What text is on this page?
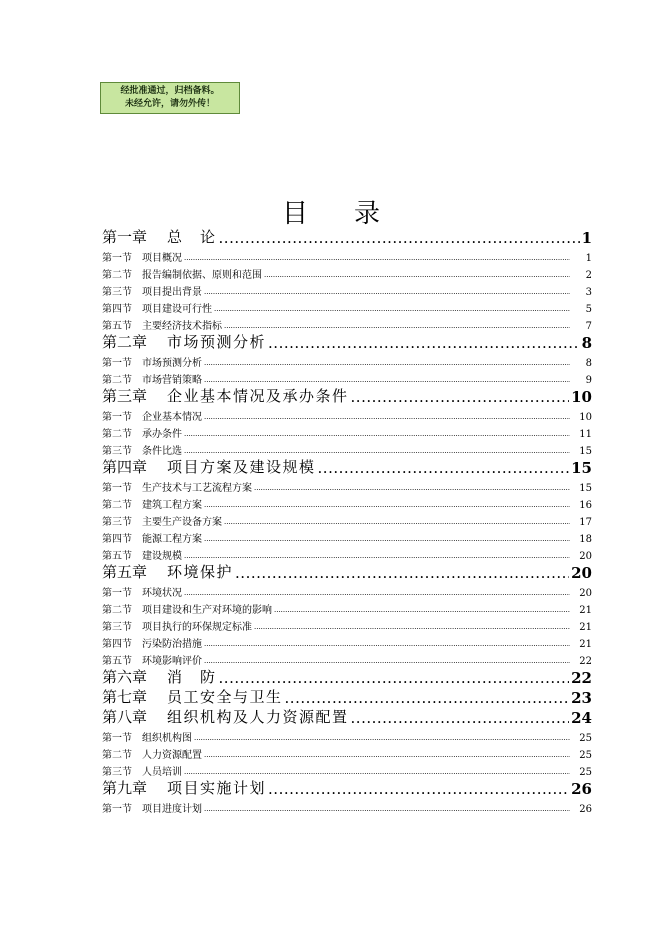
经批准通过，归档备料。
未经允许，请勿外传！
目录
第一章 总　论 .....	1
第一节 项目概况 .....	1
第二节 报告编制依据、原则和范围 .....	2
第三节 项目提出背景 .....	3
第四节 项目建设可行性 .....	5
第五节 主要经济技术指标 .....	7
第二章 市场预测分析 .....	8
第一节 市场预测分析 .....	8
第二节 市场营销策略 .....	9
第三章 企业基本情况及承办条件 .....	10
第一节 企业基本情况 .....	10
第二节 承办条件 .....	11
第三节 条件比选 .....	15
第四章 项目方案及建设规模 .....	15
第一节 生产技术与工艺流程方案 .....	15
第二节 建筑工程方案 .....	16
第三节 主要生产设备方案 .....	17
第四节 能源工程方案 .....	18
第五节 建设规模 .....	20
第五章 环境保护 .....	20
第一节 环境状况 .....	20
第二节 项目建设和生产对环境的影响 .....	21
第三节 项目执行的环保规定标准 .....	21
第四节 污染防治措施 .....	21
第五节 环境影响评价 .....	22
第六章 消　防 .....	22
第七章 员工安全与卫生 .....	23
第八章 组织机构及人力资源配置 .....	24
第一节 组织机构图 .....	25
第二节 人力资源配置 .....	25
第三节 人员培训 .....	25
第九章 项目实施计划 .....	26
第一节 项目进度计划 .....	26
